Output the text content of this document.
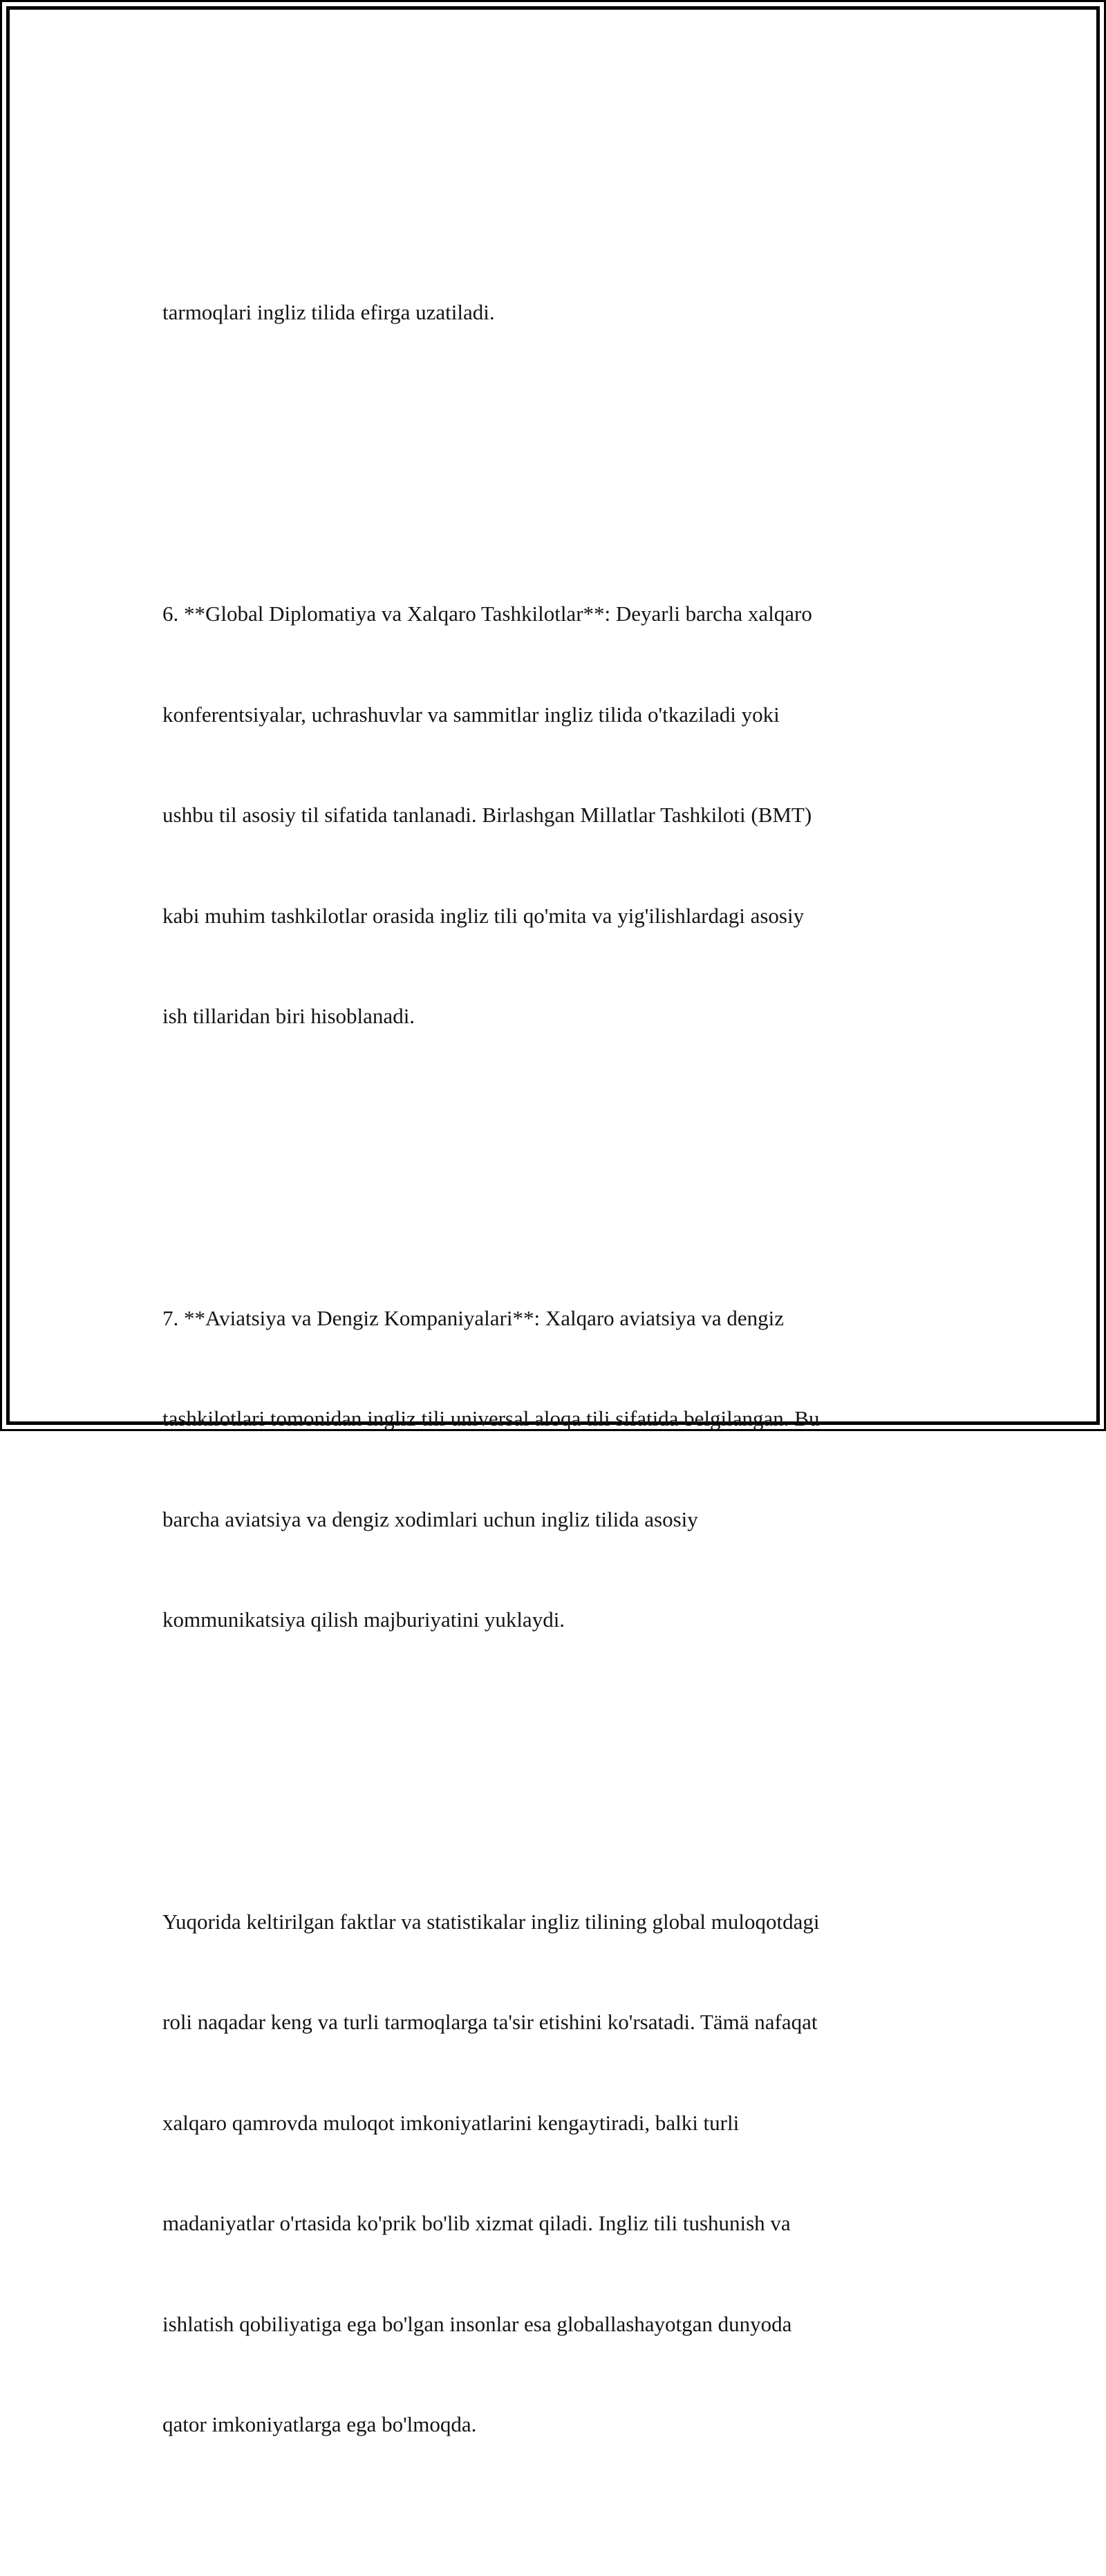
tarmoqlari ingliz tilida efirga uzatiladi.

6. **Global Diplomatiya va Xalqaro Tashkilotlar**: Deyarli barcha xalqaro

konferentsiyalar, uchrashuvlar va sammitlar ingliz tilida o'tkaziladi yoki

ushbu til asosiy til sifatida tanlanadi. Birlashgan Millatlar Tashkiloti (BMT)

kabi muhim tashkilotlar orasida ingliz tili qo'mita va yig'ilishlardagi asosiy

ish tillaridan biri hisoblanadi.

7. **Aviatsiya va Dengiz Kompaniyalari**: Xalqaro aviatsiya va dengiz

tashkilotlari tomonidan ingliz tili universal aloqa tili sifatida belgilangan. Bu

barcha aviatsiya va dengiz xodimlari uchun ingliz tilida asosiy

kommunikatsiya qilish majburiyatini yuklaydi.

Yuqorida keltirilgan faktlar va statistikalar ingliz tilining global muloqotdagi

roli naqadar keng va turli tarmoqlarga ta'sir etishini ko'rsatadi. Tämä nafaqat

xalqaro qamrovda muloqot imkoniyatlarini kengaytiradi, balki turli

madaniyatlar o'rtasida ko'prik bo'lib xizmat qiladi. Ingliz tili tushunish va

ishlatish qobiliyatiga ega bo'lgan insonlar esa globallashayotgan dunyoda

qator imkoniyatlarga ega bo'lmoqda.
